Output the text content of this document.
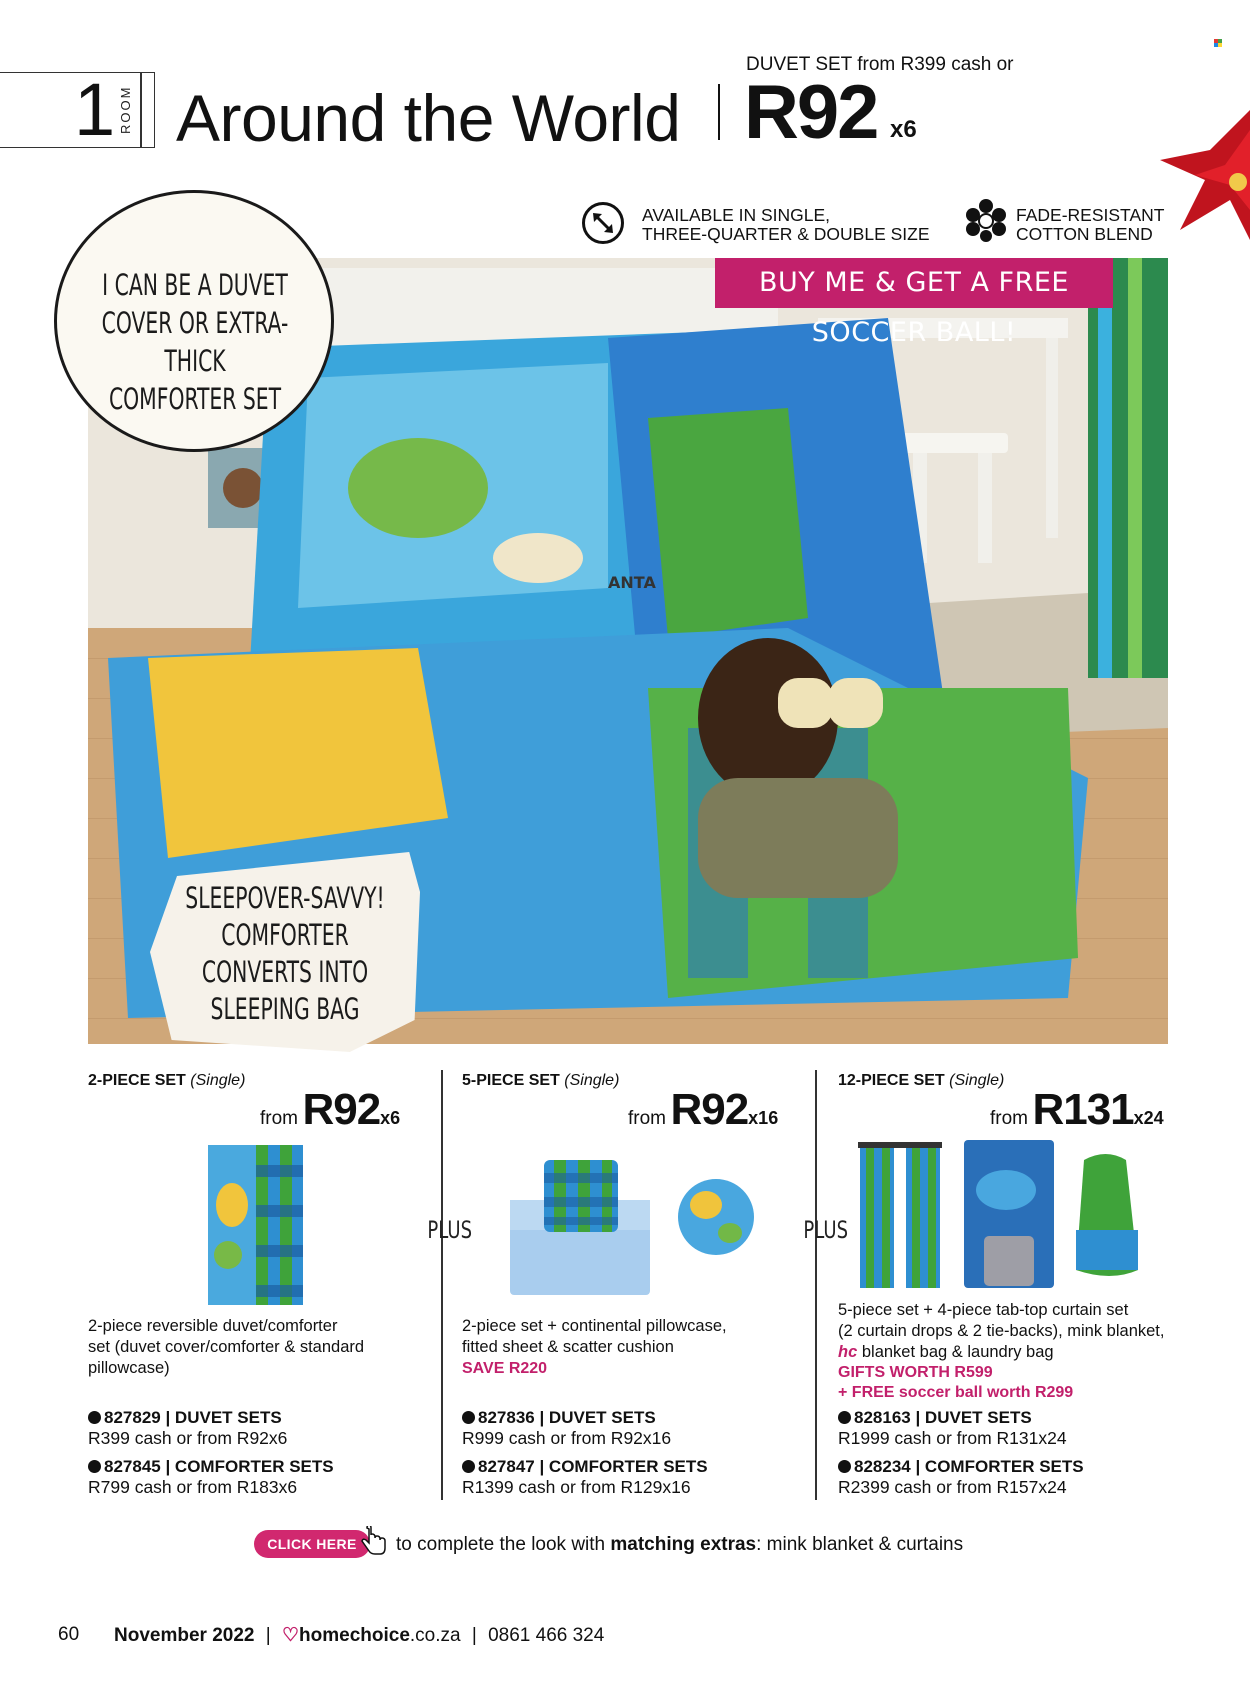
1 ROOM Around the World
DUVET SET from R399 cash or
R92 x6
AVAILABLE IN SINGLE,
THREE-QUARTER & DOUBLE SIZE
FADE-RESISTANT
COTTON BLEND
ANTA
BUY ME & GET A FREE SOCCER BALL!
I CAN BE A DUVET
COVER OR EXTRA-THICK
COMFORTER SET
SLEEPOVER-SAVVY!
COMFORTER
CONVERTS INTO
SLEEPING BAG
2-PIECE SET (Single)
from R92x6
2-piece reversible duvet/comforter
set (duvet cover/comforter & standard
pillowcase)
827829 | DUVET SETS
R399 cash or from R92x6
827845 | COMFORTER SETS
R799 cash or from R183x6
PLUS
5-PIECE SET (Single)
from R92x16
2-piece set + continental pillowcase,
fitted sheet & scatter cushion
SAVE R220
827836 | DUVET SETS
R999 cash or from R92x16
827847 | COMFORTER SETS
R1399 cash or from R129x16
PLUS
12-PIECE SET (Single)
from R131x24
5-piece set + 4-piece tab-top curtain set
(2 curtain drops & 2 tie-backs), mink blanket,
hc blanket bag & laundry bag
GIFTS WORTH R599
+ FREE soccer ball worth R299
828163 | DUVET SETS
R1999 cash or from R131x24
828234 | COMFORTER SETS
R2399 cash or from R157x24
CLICK HERE	to complete the look with matching extras: mink blanket & curtains
60 November 2022 | ♡homechoice.co.za | 0861 466 324
